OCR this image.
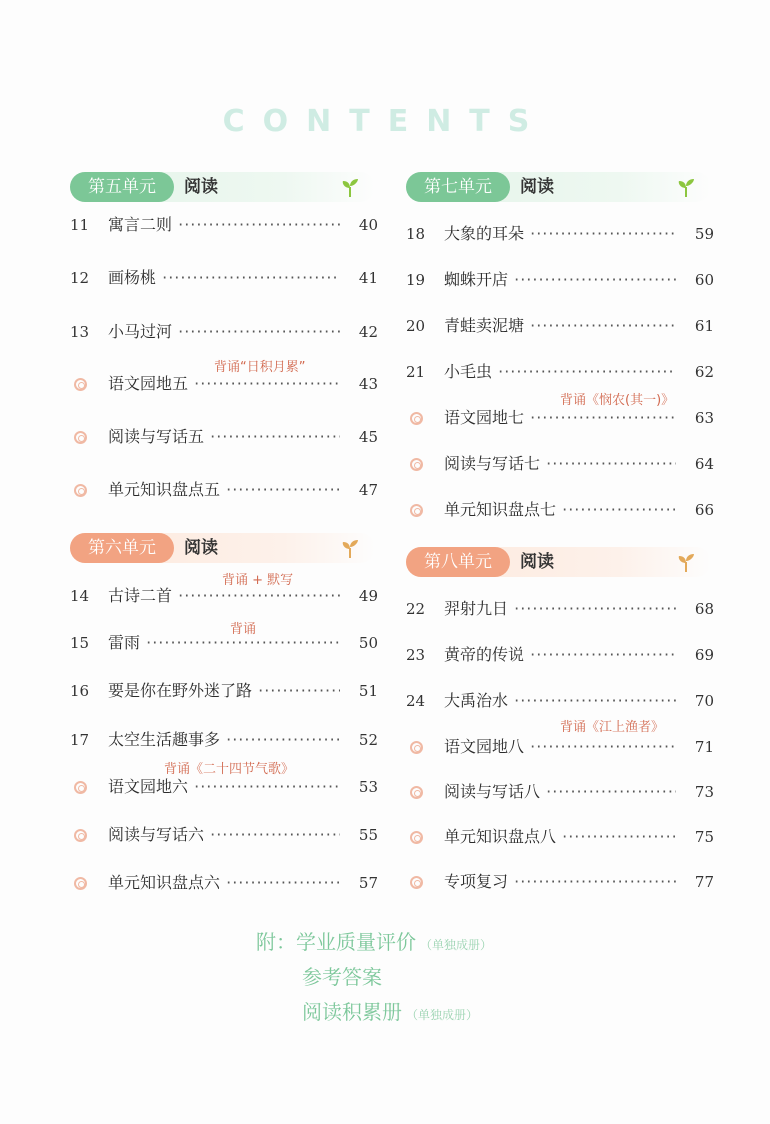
CONTENTS
第五单元	阅读
11	寓言二则 ·····	40
12	画杨桃 ·····	41
13	小马过河 ·····	42
背诵“日积月累”
语文园地五 ·····	43
阅读与写话五 ·····	45
单元知识盘点五 ·····	47
第六单元	阅读
背诵 + 默写
14	古诗二首 ·····	49
背诵
15	雷雨 ·····	50
16	要是你在野外迷了路 ·····	51
17	太空生活趣事多 ·····	52
背诵《二十四节气歌》
语文园地六 ·····	53
阅读与写话六 ·····	55
单元知识盘点六 ·····	57
第七单元	阅读
18	大象的耳朵 ·····	59
19	蜘蛛开店 ·····	60
20	青蛙卖泥塘 ·····	61
21	小毛虫 ·····	62
背诵《悯农(其一)》
语文园地七 ·····	63
阅读与写话七 ·····	64
单元知识盘点七 ·····	66
第八单元	阅读
22	羿射九日 ·····	68
23	黄帝的传说 ·····	69
24	大禹治水 ·····	70
背诵《江上渔者》
语文园地八 ·····	71
阅读与写话八 ·····	73
单元知识盘点八 ·····	75
专项复习 ·····	77
附：学业质量评价 （单独成册）
参考答案
阅读积累册 （单独成册）
